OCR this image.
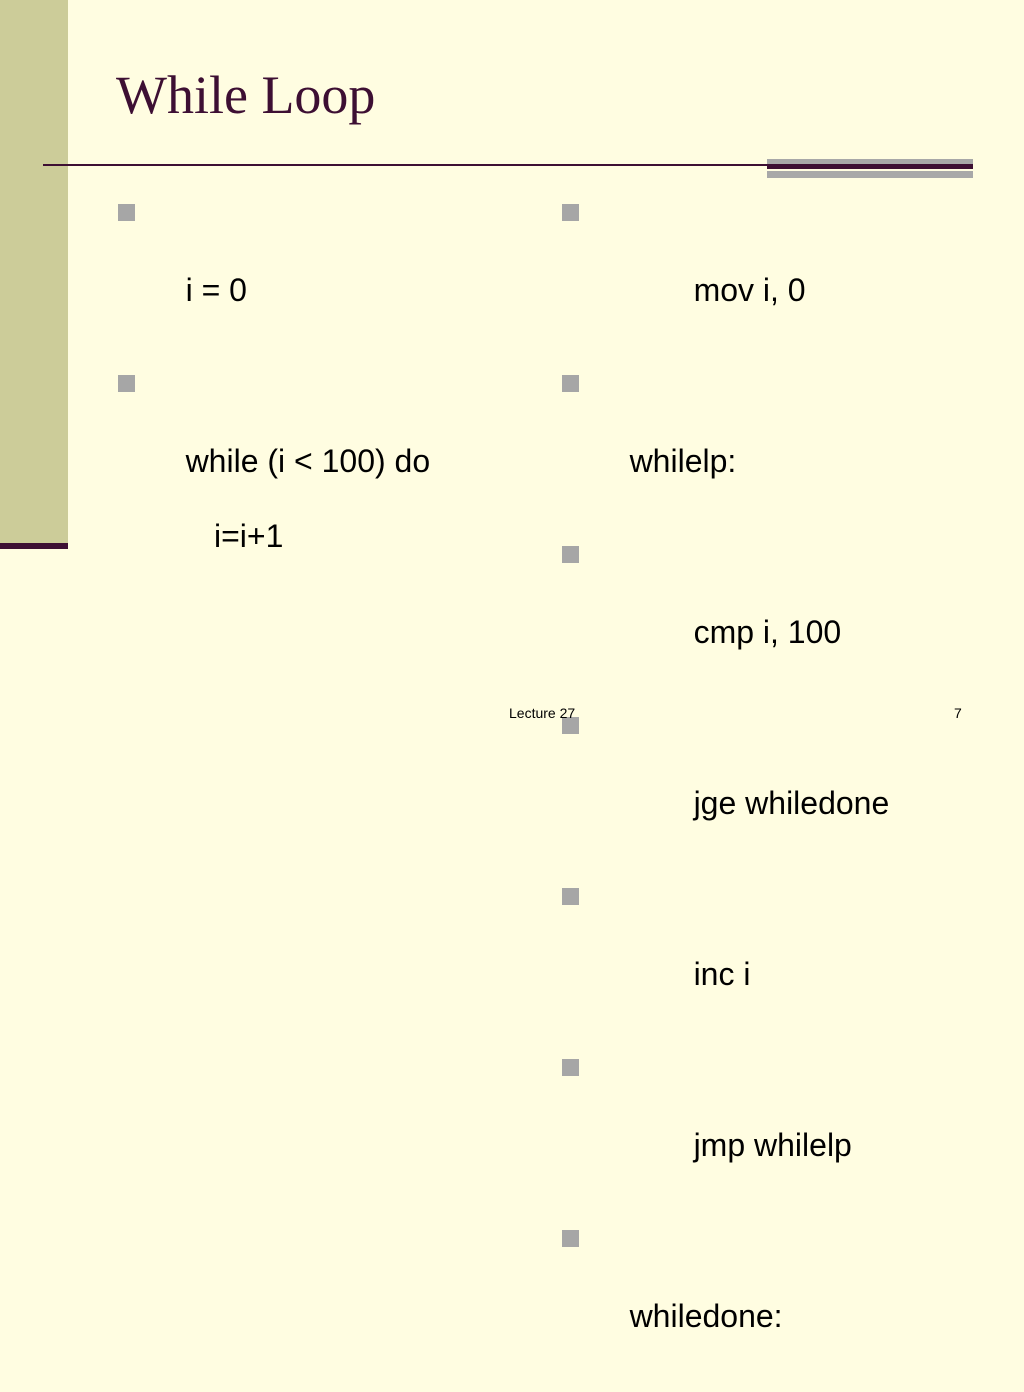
While Loop

i = 0

while (i < 100) do

i=i+1

mov i, 0

whilelp:

cmp i, 100

jge whiledone

inc i

jmp whilelp

whiledone:

Lecture 27	7
